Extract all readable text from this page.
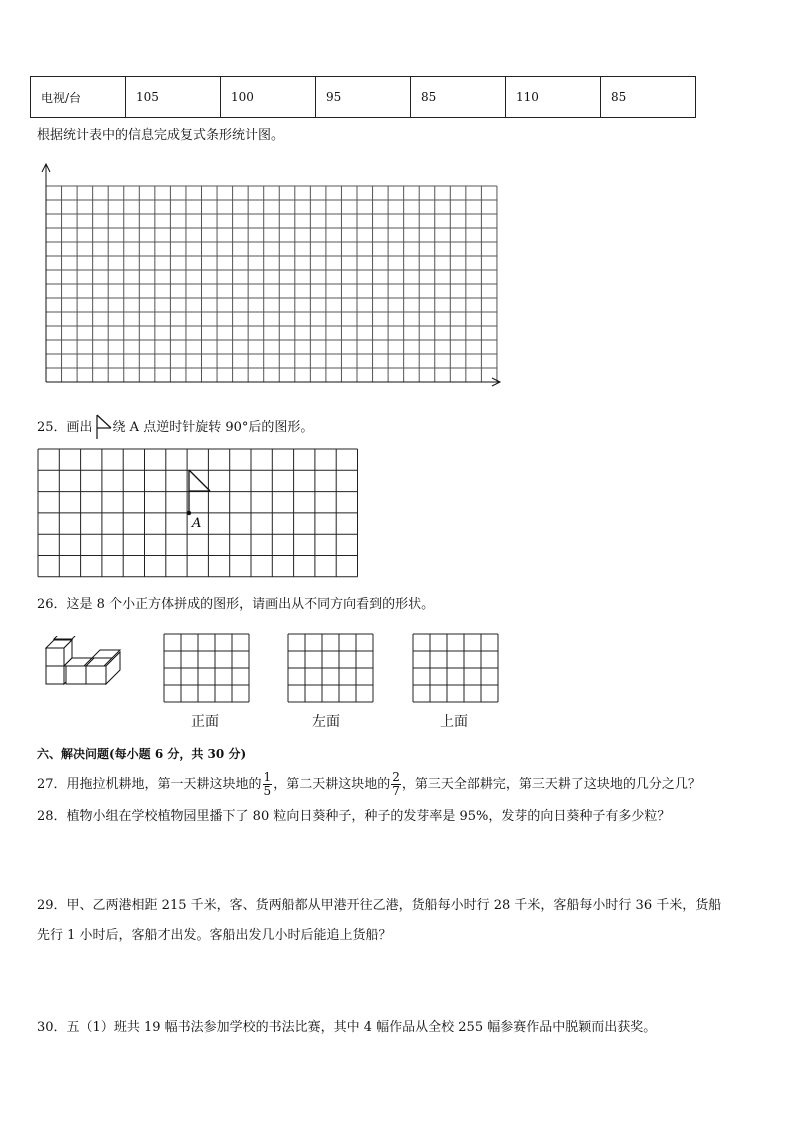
电视/台	105	100	95	85	110	85
根据统计表中的信息完成复式条形统计图。
25．画出 绕 A 点逆时针旋转 90°后的图形。
A
26．这是 8 个小正方体拼成的图形，请画出从不同方向看到的形状。
正面	左面	上面
六、解决问题(每小题 6 分，共 30 分)
27．用拖拉机耕地，第一天耕这块地的 $\frac{1}{5}$ ，第二天耕这块地的 $\frac{2}{7}$ ，第三天全部耕完，第三天耕了这块地的几分之几？
28．植物小组在学校植物园里播下了 80 粒向日葵种子，种子的发芽率是 95%，发芽的向日葵种子有多少粒？
29．甲、乙两港相距 215 千米，客、货两船都从甲港开往乙港，货船每小时行 28 千米，客船每小时行 36 千米，货船
先行 1 小时后，客船才出发。客船出发几小时后能追上货船？
30．五（1）班共 19 幅书法参加学校的书法比赛，其中 4 幅作品从全校 255 幅参赛作品中脱颖而出获奖。
